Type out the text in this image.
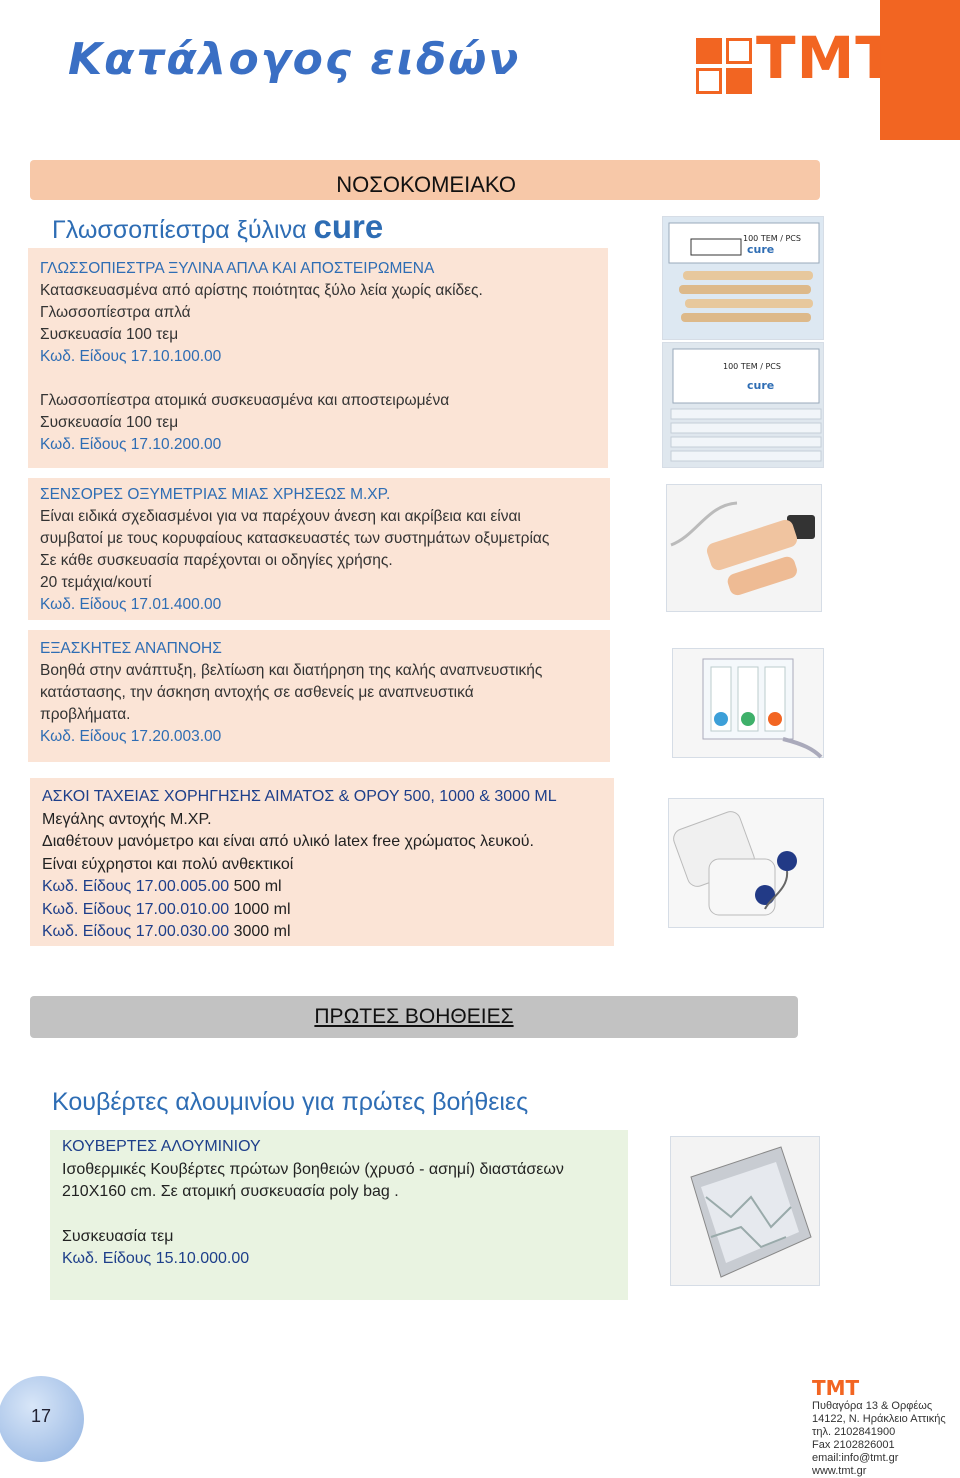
Κατάλογος ειδών	TMT
ΝΟΣΟΚΟΜΕΙΑΚΟ
Γλωσσοπίεστρα ξύλινα cure

ΓΛΩΣΣΟΠΙΕΣΤΡΑ ΞΥΛΙΝΑ ΑΠΛΑ ΚΑΙ ΑΠΟΣΤΕΙΡΩΜΕΝΑ

Κατασκευασμένα από αρίστης ποιότητας ξύλο λεία χωρίς ακίδες.

Γλωσσοπίεστρα απλά

Συσκευασία 100 τεμ

Κωδ. Είδους 17.10.100.00

Γλωσσοπίεστρα ατομικά συσκευασμένα και αποστειρωμένα

Συσκευασία 100 τεμ

Κωδ. Είδους 17.10.200.00

ΣΕΝΣΟΡΕΣ ΟΞΥΜΕΤΡΙΑΣ ΜΙΑΣ ΧΡΗΣΕΩΣ Μ.ΧΡ.

Είναι ειδικά σχεδιασμένοι για να παρέχουν άνεση και ακρίβεια και είναι

συμβατοί με τους κορυφαίους κατασκευαστές των συστημάτων οξυμετρίας

Σε κάθε συσκευασία παρέχονται οι οδηγίες χρήσης.

20 τεμάχια/κουτί

Κωδ. Είδους 17.01.400.00

ΕΞΑΣΚΗΤΕΣ ΑΝΑΠΝΟΗΣ

Βοηθά στην ανάπτυξη, βελτίωση και διατήρηση της καλής αναπνευστικής

κατάστασης, την άσκηση αντοχής σε ασθενείς με αναπνευστικά

προβλήματα.

Κωδ. Είδους 17.20.003.00

ΑΣΚΟΙ ΤΑΧΕΙΑΣ ΧΟΡΗΓΗΣΗΣ ΑΙΜΑΤΟΣ & ΟΡΟΥ 500, 1000 & 3000 ML

Μεγάλης αντοχής Μ.ΧΡ.

Διαθέτουν μανόμετρο και είναι από υλικό latex free χρώματος λευκού.

Είναι εύχρηστοι και πολύ ανθεκτικοί

Κωδ. Είδους 17.00.005.00 500 ml

Κωδ. Είδους 17.00.010.00 1000 ml

Κωδ. Είδους 17.00.030.00 3000 ml

cure
100 TEM / PCS
cure
100 TEM / PCS
ΠΡΩΤΕΣ ΒΟΗΘΕΙΕΣ
Κουβέρτες αλουμινίου για πρώτες βοήθειες

ΚΟΥΒΕΡΤΕΣ ΑΛΟΥΜΙΝΙΟΥ

Ισοθερμικές Κουβέρτες πρώτων βοηθειών (χρυσό - ασημί) διαστάσεων

210X160 cm. Σε ατομική συσκευασία poly bag .

Συσκευασία τεμ

Κωδ. Είδους 15.10.000.00

17
TMT
Πυθαγόρα 13 & Ορφέως
14122, Ν. Ηράκλειο Αττικής
τηλ. 2102841900
Fax 2102826001
email:info@tmt.gr
www.tmt.gr
